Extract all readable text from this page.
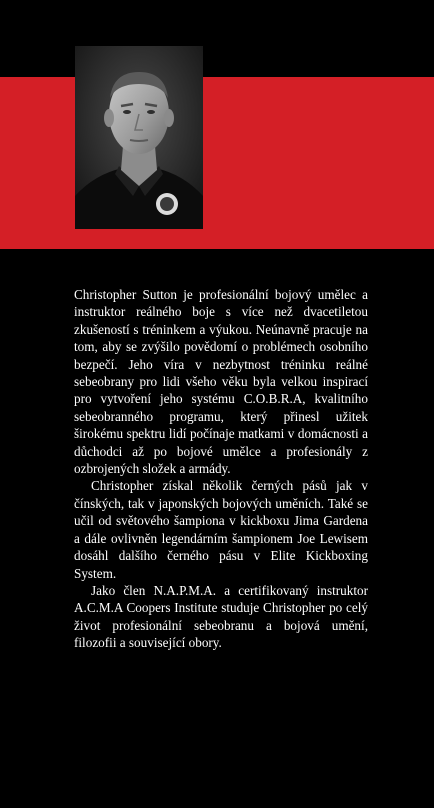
Christopher Sutton je profesionální bojový umělec a instruktor reálného boje s více než dvacetiletou zkušeností s tréninkem a výukou. Neúnavně pracuje na tom, aby se zvýšilo povědomí o problémech osobního bezpečí. Jeho víra v nezbytnost tréninku reálné sebeobrany pro lidi všeho věku byla velkou inspirací pro vytvoření jeho systému C.O.B.R.A, kvalitního sebeobranného programu, který přinesl užitek širokému spektru lidí počínaje matkami v domácnosti a důchodci až po bojové umělce a profesionály z ozbrojených složek a armády.

Christopher získal několik černých pásů jak v čínských, tak v japonských bojových uměních. Také se učil od světového šampiona v kickboxu Jima Gardena a dále ovlivněn legendárním šampionem Joe Lewisem dosáhl dalšího černého pásu v Elite Kickboxing System.

Jako člen N.A.P.M.A. a certifikovaný instruktor A.C.M.A Coopers Institute studuje Christopher po celý život profesionální sebeobranu a bojová umění, filozofii a související obory.
